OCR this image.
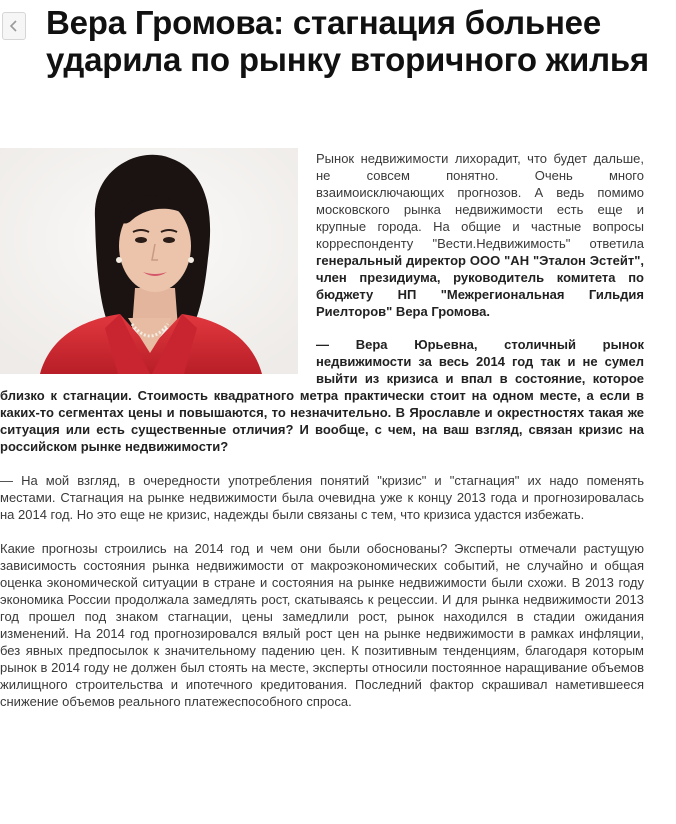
Вера Громова: стагнация больнее ударила по рынку вторичного жилья

Рынок недвижимости лихорадит, что будет дальше, не совсем понятно. Очень много взаимоисключающих прогнозов. А ведь помимо московского рынка недвижимости есть еще и крупные города. На общие и частные вопросы корреспонденту "Вести.Недвижимость" ответила генеральный директор ООО "АН "Эталон Эстейт", член президиума, руководитель комитета по бюджету НП "Межрегиональная Гильдия Риелторов" Вера Громова.

— Вера Юрьевна, столичный рынок недвижимости за весь 2014 год так и не сумел выйти из кризиса и впал в состояние, которое близко к стагнации. Стоимость квадратного метра практически стоит на одном месте, а если в каких-то сегментах цены и повышаются, то незначительно. В Ярославле и окрестностях такая же ситуация или есть существенные отличия? И вообще, с чем, на ваш взгляд, связан кризис на российском рынке недвижимости?

— На мой взгляд, в очередности употребления понятий "кризис" и "стагнация" их надо поменять местами. Стагнация на рынке недвижимости была очевидна уже к концу 2013 года и прогнозировалась на 2014 год. Но это еще не кризис, надежды были связаны с тем, что кризиса удастся избежать.

Какие прогнозы строились на 2014 год и чем они были обоснованы? Эксперты отмечали растущую зависимость состояния рынка недвижимости от макроэкономических событий, не случайно и общая оценка экономической ситуации в стране и состояния на рынке недвижимости были схожи. В 2013 году экономика России продолжала замедлять рост, скатываясь к рецессии. И для рынка недвижимости 2013 год прошел под знаком стагнации, цены замедлили рост, рынок находился в стадии ожидания изменений. На 2014 год прогнозировался вялый рост цен на рынке недвижимости в рамках инфляции, без явных предпосылок к значительному падению цен. К позитивным тенденциям, благодаря которым рынок в 2014 году не должен был стоять на месте, эксперты относили постоянное наращивание объемов жилищного строительства и ипотечного кредитования. Последний фактор скрашивал наметившееся снижение объемов реального платежеспособного спроса.
